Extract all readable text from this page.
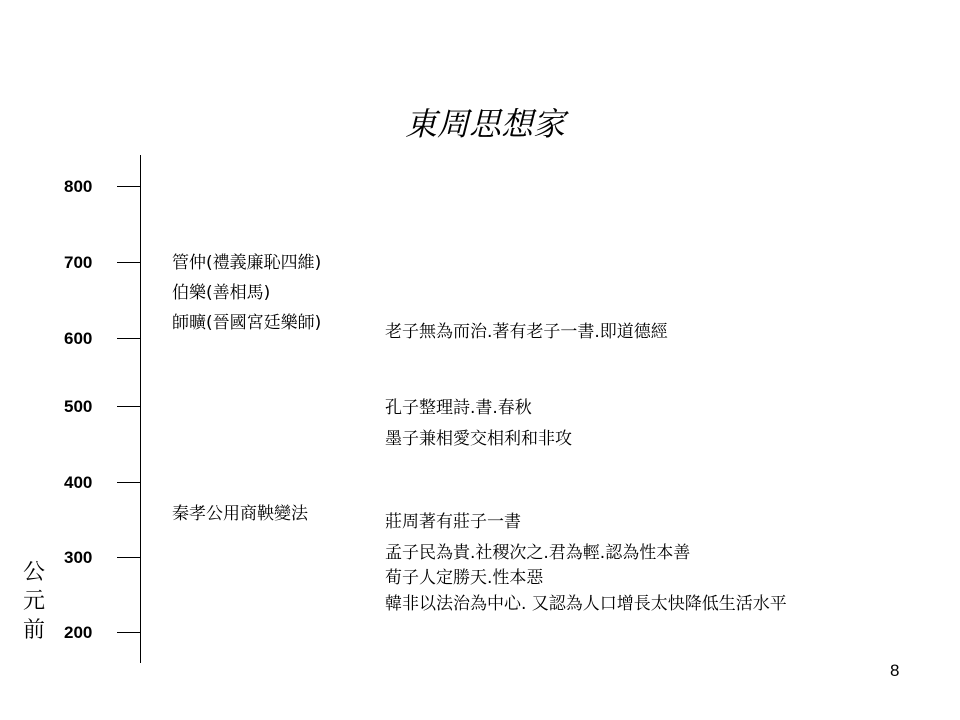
東周思想家
800
700
600
500
400
300
200
公
元
前
管仲(禮義廉恥四維)
伯樂(善相馬)
師曠(晉國宮廷樂師)
秦孝公用商鞅變法
老子無為而治.著有老子一書.即道德經
孔子整理詩.書.春秋
墨子兼相愛交相利和非攻
莊周著有莊子一書
孟子民為貴.社稷次之.君為輕.認為性本善
荀子人定勝天.性本惡
韓非以法治為中心. 又認為人口增長太快降低生活水平
8
